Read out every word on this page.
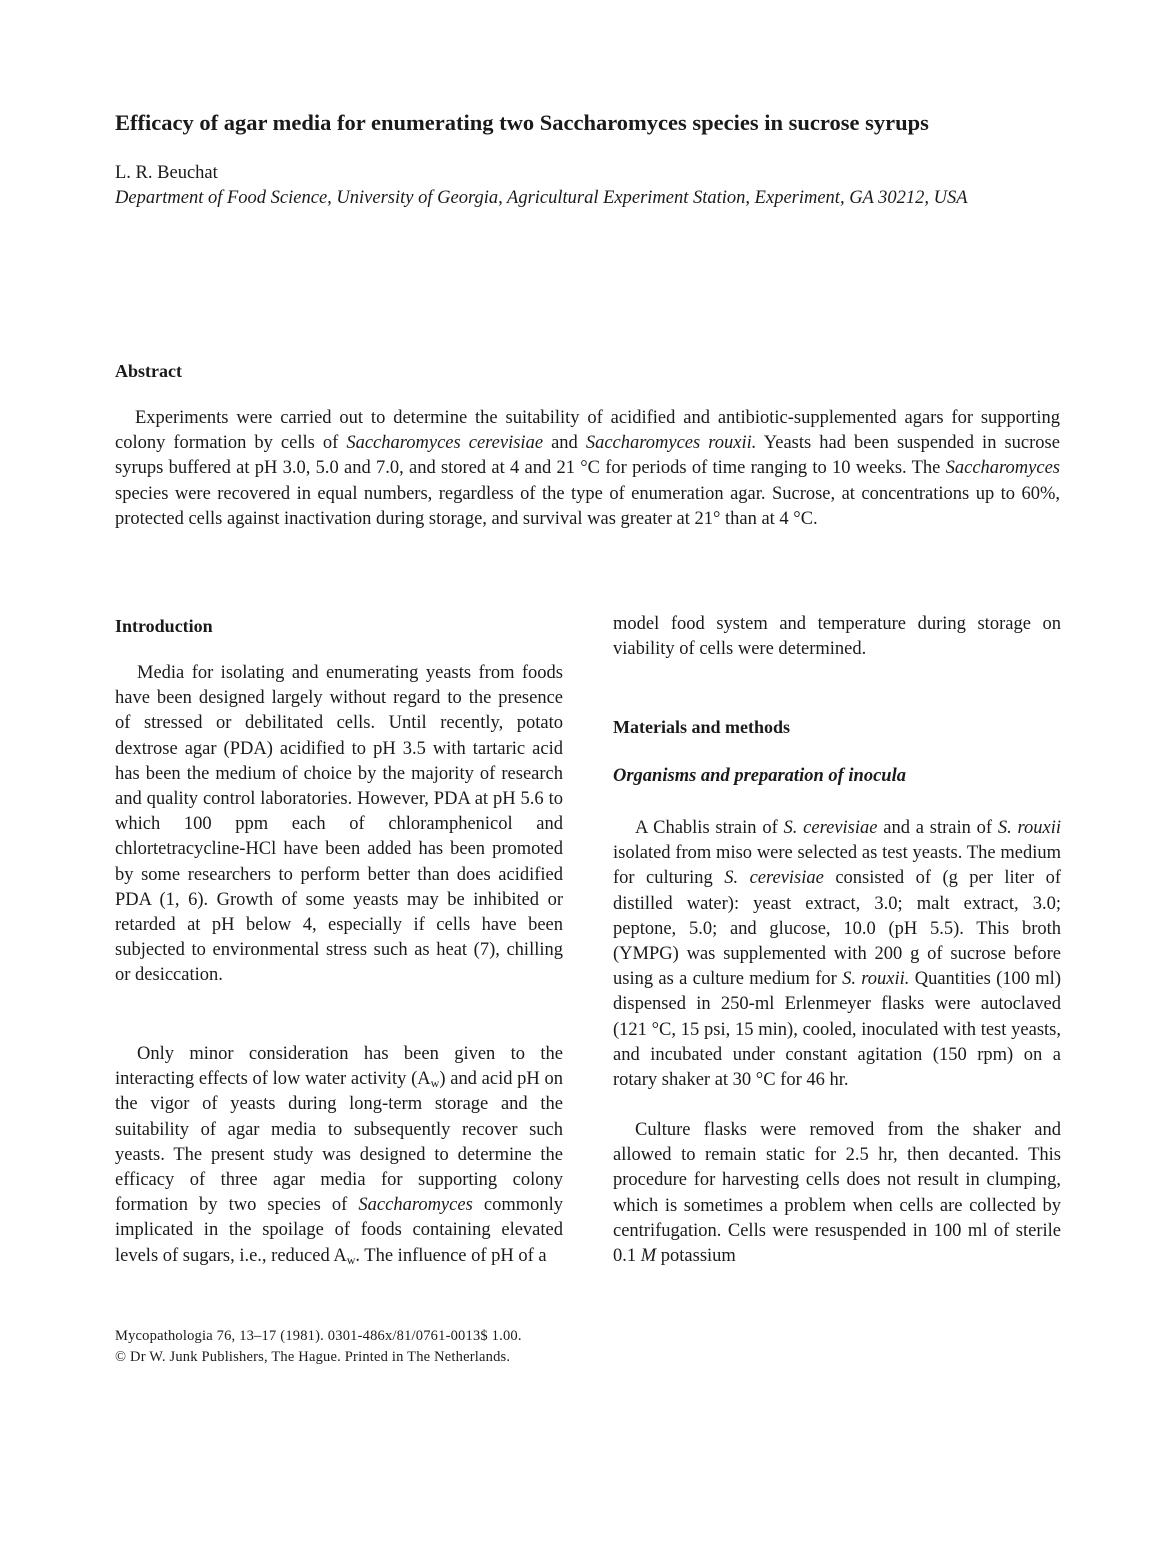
Efficacy of agar media for enumerating two Saccharomyces species in sucrose syrups

L. R. Beuchat

Department of Food Science, University of Georgia, Agricultural Experiment Station, Experiment, GA 30212, USA

Abstract

Experiments were carried out to determine the suitability of acidified and antibiotic-supplemented agars for supporting colony formation by cells of Saccharomyces cerevisiae and Saccharomyces rouxii. Yeasts had been suspended in sucrose syrups buffered at pH 3.0, 5.0 and 7.0, and stored at 4 and 21 °C for periods of time ranging to 10 weeks. The Saccharomyces species were recovered in equal numbers, regardless of the type of enumeration agar. Sucrose, at concentrations up to 60%, protected cells against inactivation during storage, and survival was greater at 21° than at 4 °C.

Introduction

Media for isolating and enumerating yeasts from foods have been designed largely without regard to the presence of stressed or debilitated cells. Until recently, potato dextrose agar (PDA) acidified to pH 3.5 with tartaric acid has been the medium of choice by the majority of research and quality control laboratories. However, PDA at pH 5.6 to which 100 ppm each of chloramphenicol and chlortetracycline-HCl have been added has been promoted by some researchers to perform better than does acidified PDA (1, 6). Growth of some yeasts may be inhibited or retarded at pH below 4, especially if cells have been subjected to environmental stress such as heat (7), chilling or desiccation.

Only minor consideration has been given to the interacting effects of low water activity $(A_w)$ and acid pH on the vigor of yeasts during long-term storage and the suitability of agar media to subsequently recover such yeasts. The present study was designed to determine the efficacy of three agar media for supporting colony formation by two species of Saccharomyces commonly implicated in the spoilage of foods containing elevated levels of sugars, i.e., reduced $A_w$. The influence of pH of a

model food system and temperature during storage on viability of cells were determined.

Materials and methods
Organisms and preparation of inocula

A Chablis strain of S. cerevisiae and a strain of S. rouxii isolated from miso were selected as test yeasts. The medium for culturing S. cerevisiae consisted of (g per liter of distilled water): yeast extract, 3.0; malt extract, 3.0; peptone, 5.0; and glucose, 10.0 (pH 5.5). This broth (YMPG) was supplemented with 200 g of sucrose before using as a culture medium for S. rouxii. Quantities (100 ml) dispensed in 250-ml Erlenmeyer flasks were autoclaved (121 °C, 15 psi, 15 min), cooled, inoculated with test yeasts, and incubated under constant agitation (150 rpm) on a rotary shaker at 30 °C for 46 hr.

Culture flasks were removed from the shaker and allowed to remain static for 2.5 hr, then decanted. This procedure for harvesting cells does not result in clumping, which is sometimes a problem when cells are collected by centrifugation. Cells were resuspended in 100 ml of sterile 0.1 M potassium

Mycopathologia 76, 13–17 (1981). 0301-486x/81/0761-0013$ 1.00.
© Dr W. Junk Publishers, The Hague. Printed in The Netherlands.
